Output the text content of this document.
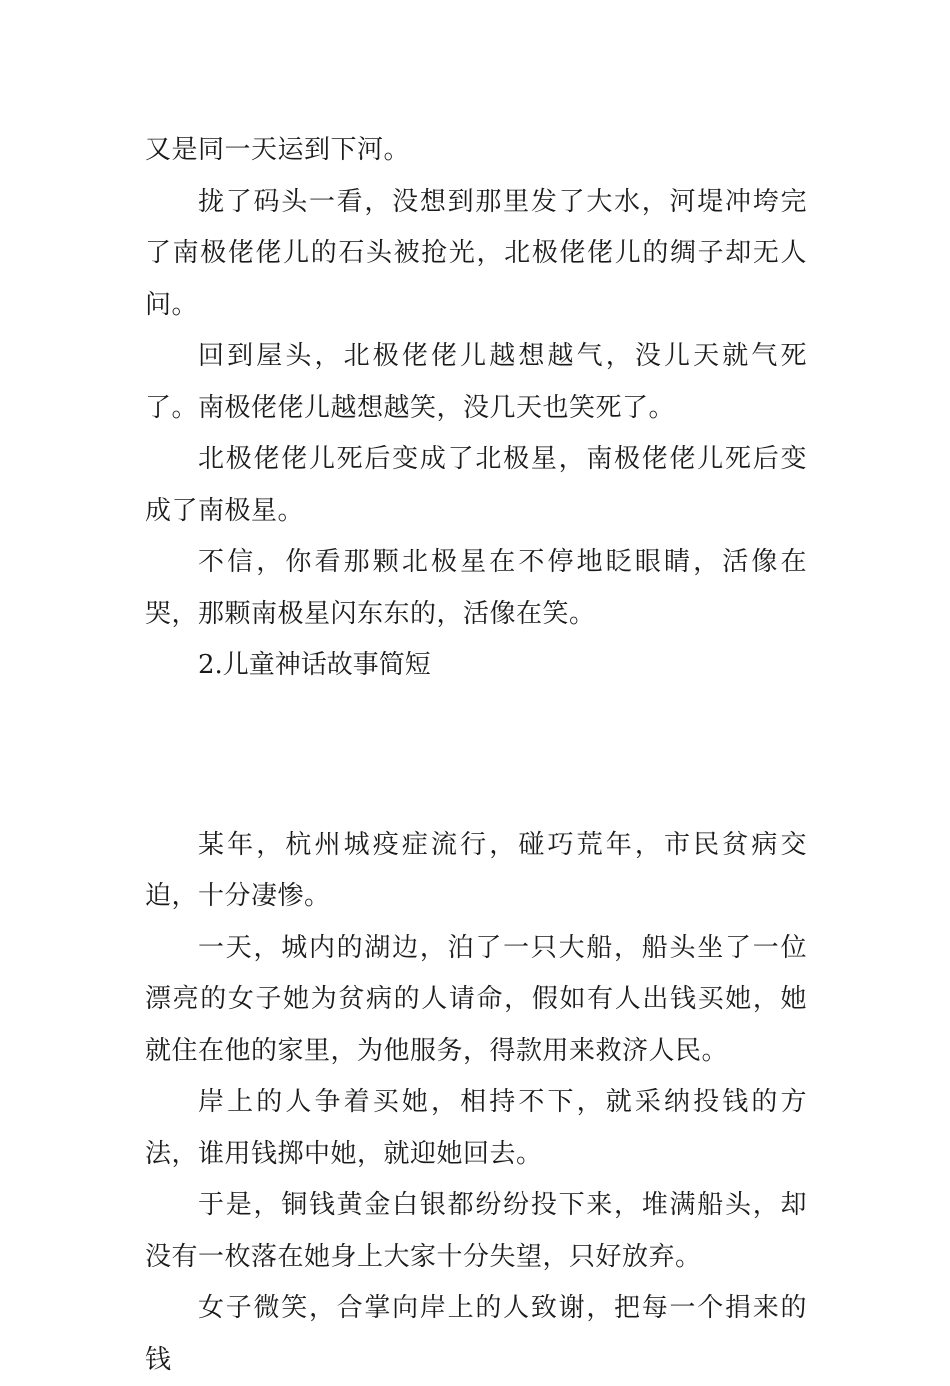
又是同一天运到下河。

拢了码头一看，没想到那里发了大水，河堤冲垮完了南极佬佬儿的石头被抢光，北极佬佬儿的绸子却无人问。

回到屋头，北极佬佬儿越想越气，没儿天就气死了。南极佬佬儿越想越笑，没几天也笑死了。

北极佬佬儿死后变成了北极星，南极佬佬儿死后变成了南极星。

不信，你看那颗北极星在不停地眨眼睛，活像在哭，那颗南极星闪东东的，活像在笑。

2.儿童神话故事简短

某年，杭州城疫症流行，碰巧荒年，市民贫病交迫，十分凄惨。

一天，城内的湖边，泊了一只大船，船头坐了一位漂亮的女子她为贫病的人请命，假如有人出钱买她，她就住在他的家里，为他服务，得款用来救济人民。

岸上的人争着买她，相持不下，就采纳投钱的方法，谁用钱掷中她，就迎她回去。

于是，铜钱黄金白银都纷纷投下来，堆满船头，却没有一枚落在她身上大家十分失望，只好放弃。

女子微笑，合掌向岸上的人致谢，把每一个捐来的钱
